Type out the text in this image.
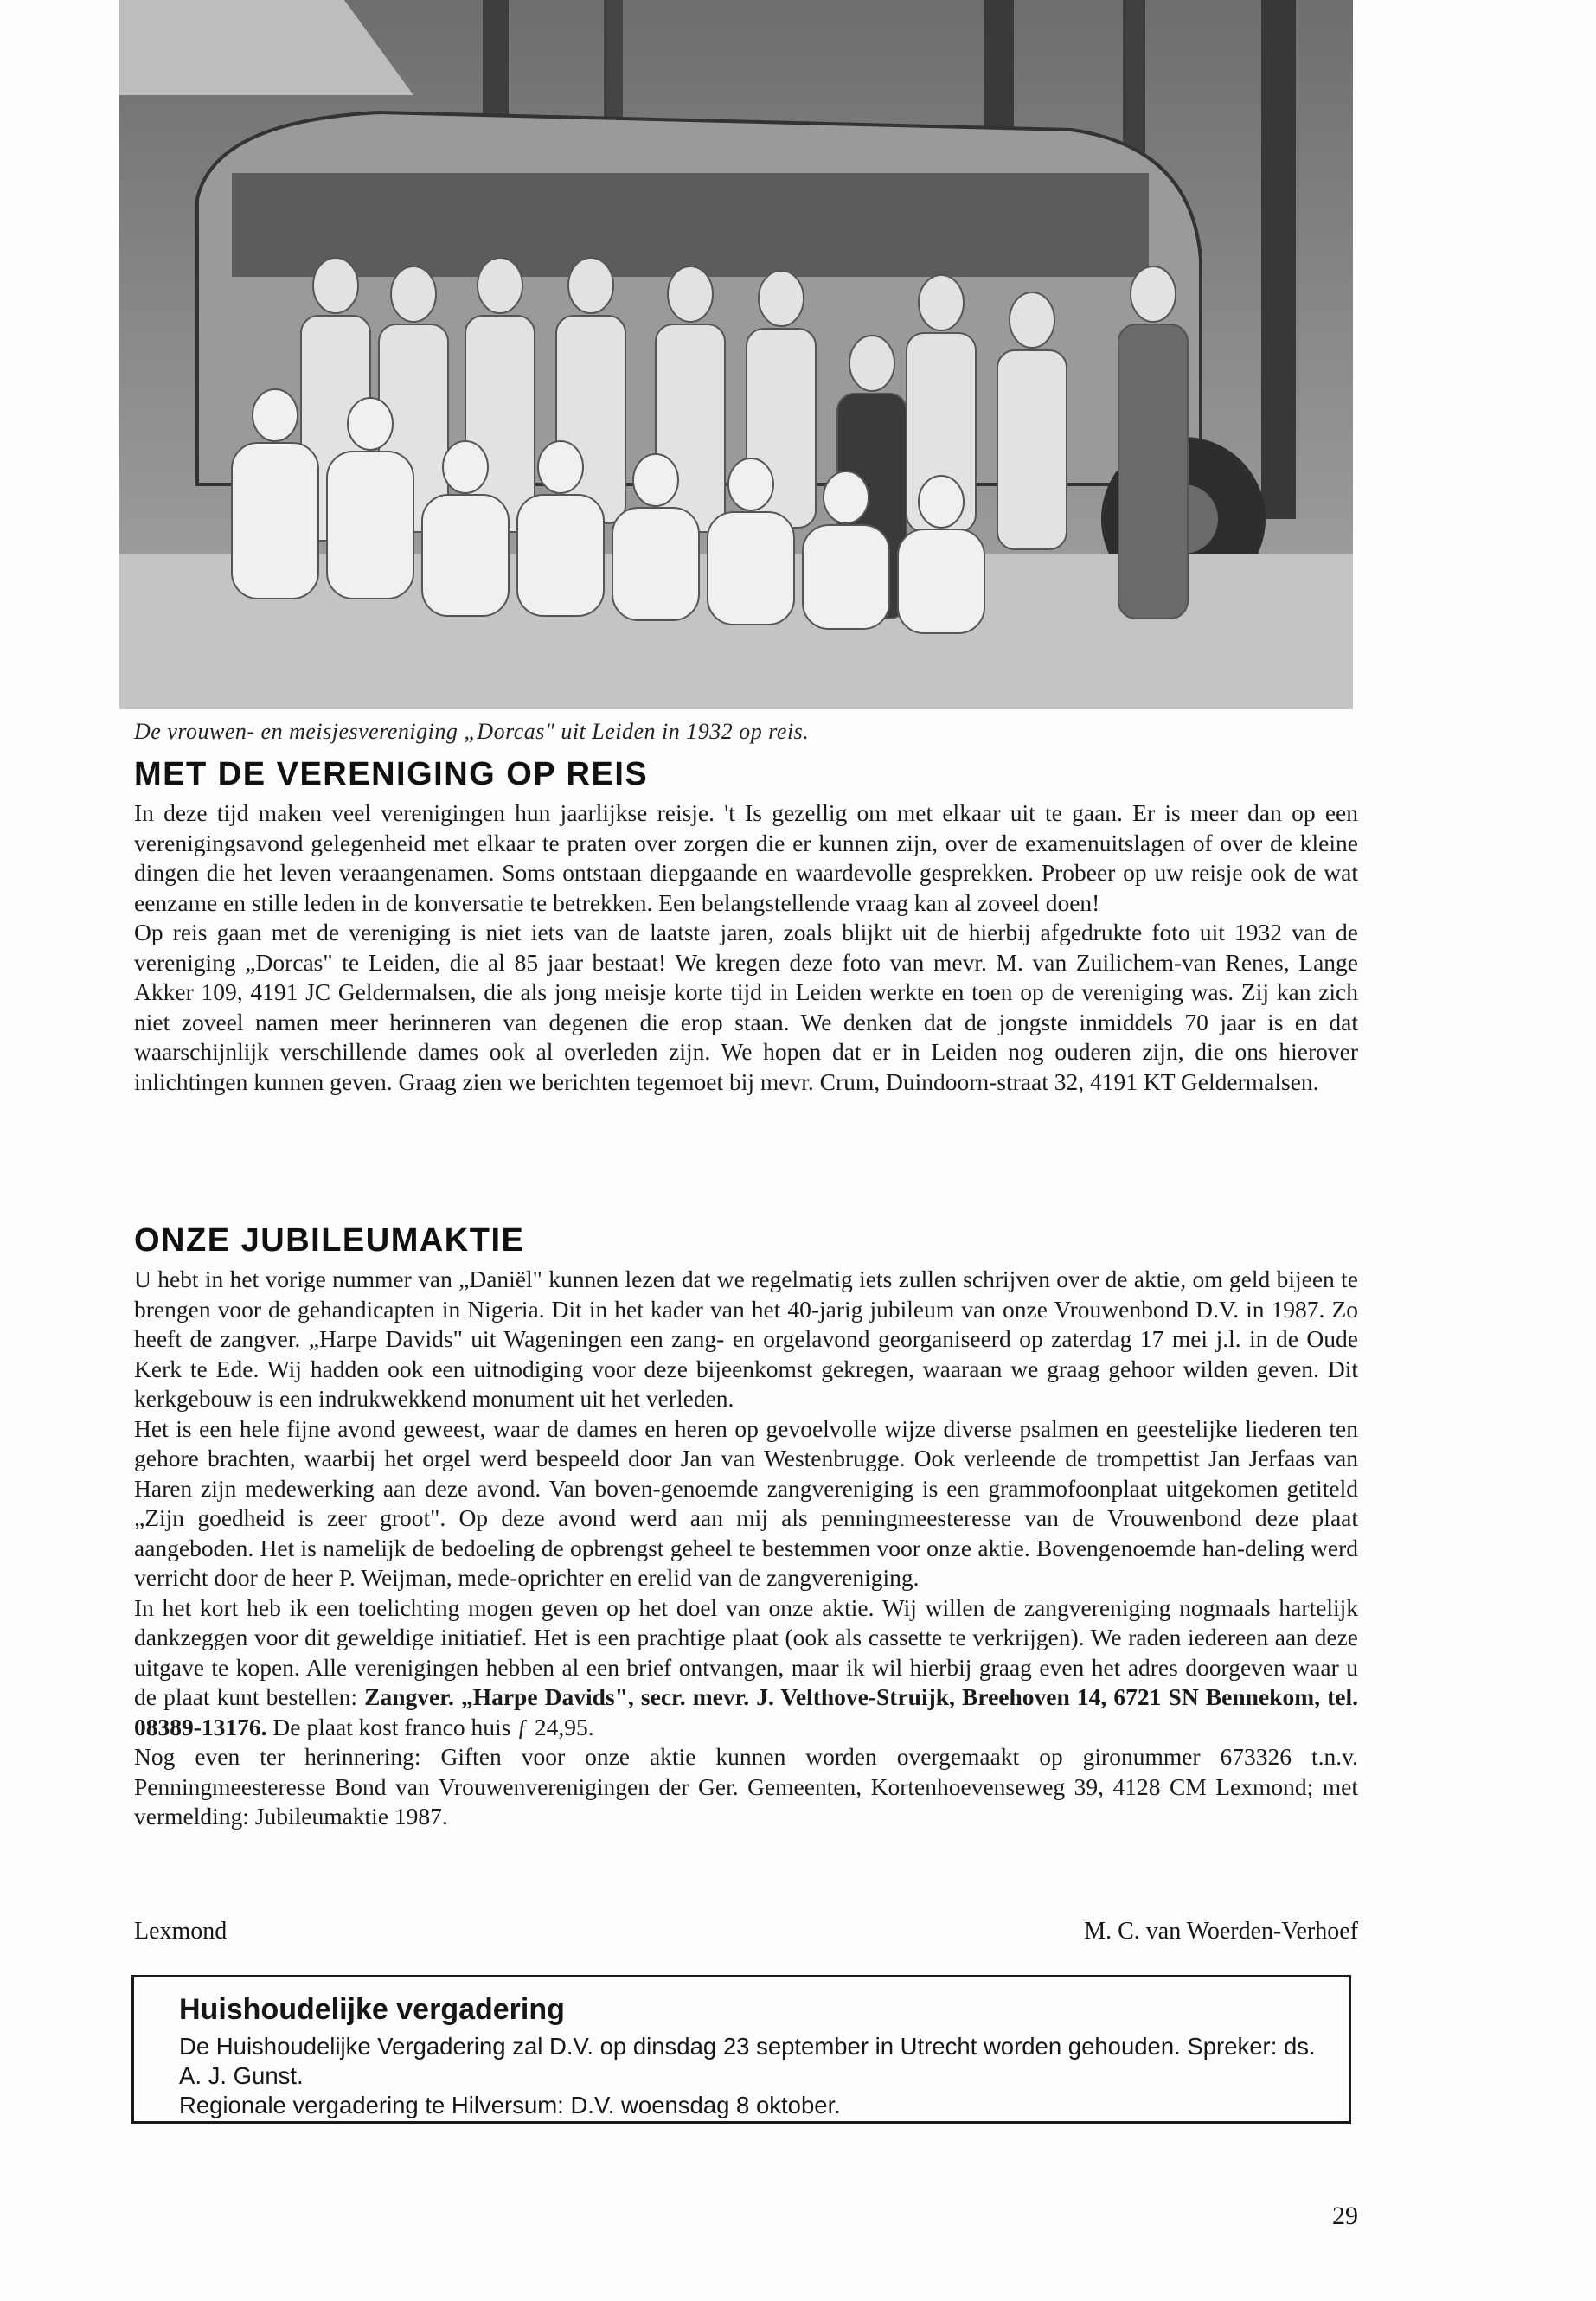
De vrouwen- en meisjesvereniging „Dorcas" uit Leiden in 1932 op reis.
MET DE VERENIGING OP REIS

In deze tijd maken veel verenigingen hun jaarlijkse reisje. 't Is gezellig om met elkaar uit te gaan. Er is meer dan op een verenigingsavond gelegenheid met elkaar te praten over zorgen die er kunnen zijn, over de examenuitslagen of over de kleine dingen die het leven veraangenamen. Soms ontstaan diepgaande en waardevolle gesprekken. Probeer op uw reisje ook de wat eenzame en stille leden in de konversatie te betrekken. Een belangstellende vraag kan al zoveel doen!

Op reis gaan met de vereniging is niet iets van de laatste jaren, zoals blijkt uit de hierbij afgedrukte foto uit 1932 van de vereniging „Dorcas" te Leiden, die al 85 jaar bestaat! We kregen deze foto van mevr. M. van Zuilichem-van Renes, Lange Akker 109, 4191 JC Geldermalsen, die als jong meisje korte tijd in Leiden werkte en toen op de vereniging was. Zij kan zich niet zoveel namen meer herinneren van degenen die erop staan. We denken dat de jongste inmiddels 70 jaar is en dat waarschijnlijk verschillende dames ook al overleden zijn. We hopen dat er in Leiden nog ouderen zijn, die ons hierover inlichtingen kunnen geven. Graag zien we berichten tegemoet bij mevr. Crum, Duindoorn-straat 32, 4191 KT Geldermalsen.

ONZE JUBILEUMAKTIE

U hebt in het vorige nummer van „Daniël" kunnen lezen dat we regelmatig iets zullen schrijven over de aktie, om geld bijeen te brengen voor de gehandicapten in Nigeria. Dit in het kader van het 40-jarig jubileum van onze Vrouwenbond D.V. in 1987. Zo heeft de zangver. „Harpe Davids" uit Wageningen een zang- en orgelavond georganiseerd op zaterdag 17 mei j.l. in de Oude Kerk te Ede. Wij hadden ook een uitnodiging voor deze bijeenkomst gekregen, waaraan we graag gehoor wilden geven. Dit kerkgebouw is een indrukwekkend monument uit het verleden.

Het is een hele fijne avond geweest, waar de dames en heren op gevoelvolle wijze diverse psalmen en geestelijke liederen ten gehore brachten, waarbij het orgel werd bespeeld door Jan van Westenbrugge. Ook verleende de trompettist Jan Jerfaas van Haren zijn medewerking aan deze avond. Van boven-genoemde zangvereniging is een grammofoonplaat uitgekomen getiteld „Zijn goedheid is zeer groot". Op deze avond werd aan mij als penningmeesteresse van de Vrouwenbond deze plaat aangeboden. Het is namelijk de bedoeling de opbrengst geheel te bestemmen voor onze aktie. Bovengenoemde han-deling werd verricht door de heer P. Weijman, mede-oprichter en erelid van de zangvereniging.

In het kort heb ik een toelichting mogen geven op het doel van onze aktie. Wij willen de zangvereniging nogmaals hartelijk dankzeggen voor dit geweldige initiatief. Het is een prachtige plaat (ook als cassette te verkrijgen). We raden iedereen aan deze uitgave te kopen. Alle verenigingen hebben al een brief ontvangen, maar ik wil hierbij graag even het adres doorgeven waar u de plaat kunt bestellen: Zangver. „Harpe Davids", secr. mevr. J. Velthove-Struijk, Breehoven 14, 6721 SN Bennekom, tel. 08389-13176. De plaat kost franco huis ƒ 24,95.

Nog even ter herinnering: Giften voor onze aktie kunnen worden overgemaakt op gironummer 673326 t.n.v. Penningmeesteresse Bond van Vrouwenverenigingen der Ger. Gemeenten, Kortenhoevenseweg 39, 4128 CM Lexmond; met vermelding: Jubileumaktie 1987.

Lexmond	M. C. van Woerden-Verhoef
Huishoudelijke vergadering

De Huishoudelijke Vergadering zal D.V. op dinsdag 23 september in Utrecht worden gehouden. Spreker: ds. A. J. Gunst.

Regionale vergadering te Hilversum: D.V. woensdag 8 oktober.

29
